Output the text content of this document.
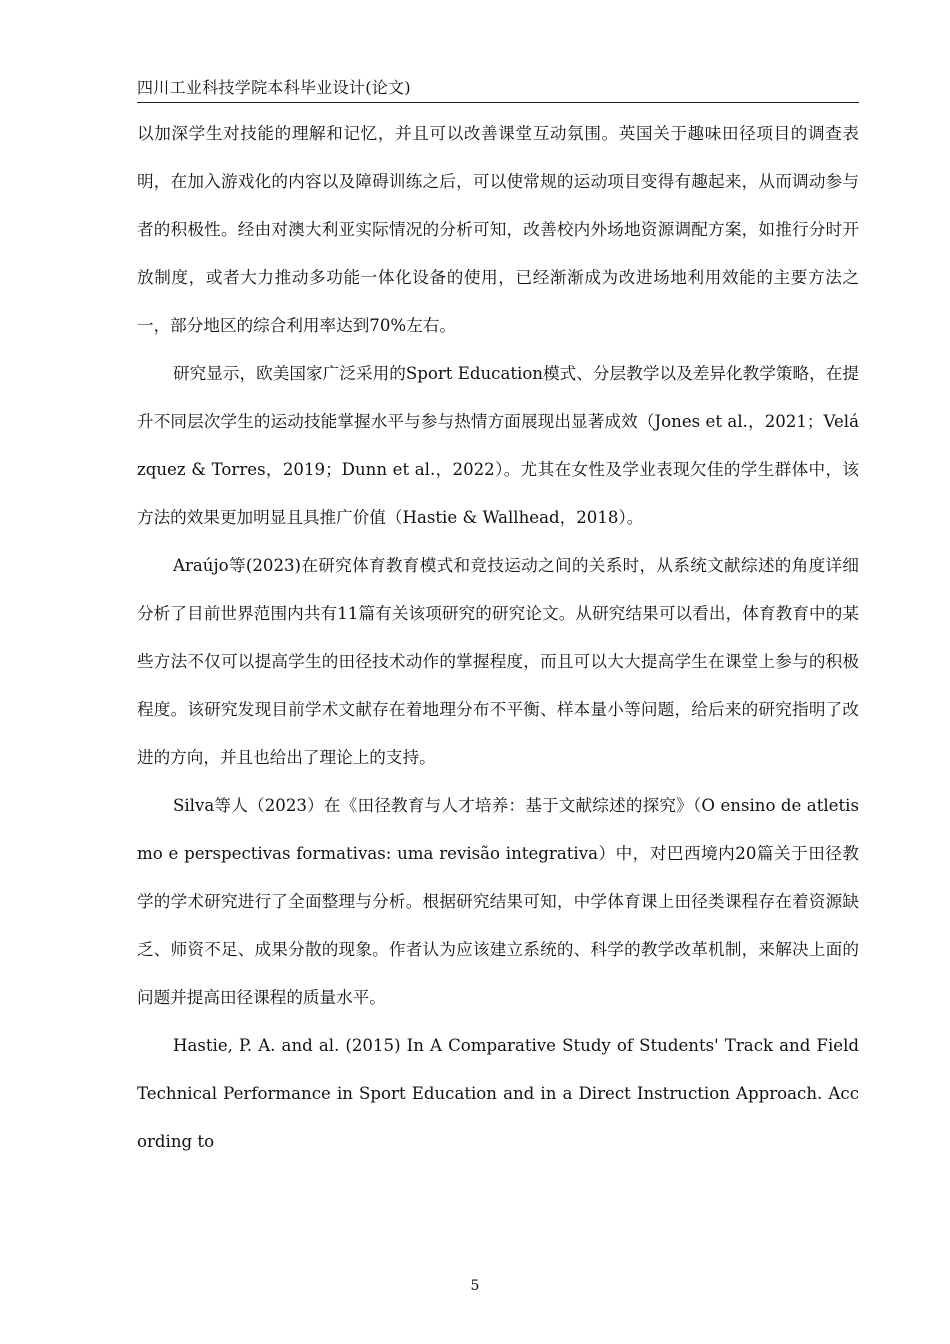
四川工业科技学院本科毕业设计(论文)

以加深学生对技能的理解和记忆，并且可以改善课堂互动氛围。英国关于趣味田径项目的调查表明，在加入游戏化的内容以及障碍训练之后，可以使常规的运动项目变得有趣起来，从而调动参与者的积极性。经由对澳大利亚实际情况的分析可知，改善校内外场地资源调配方案，如推行分时开放制度，或者大力推动多功能一体化设备的使用，已经渐渐成为改进场地利用效能的主要方法之一，部分地区的综合利用率达到70%左右。

研究显示，欧美国家广泛采用的Sport Education模式、分层教学以及差异化教学策略，在提升不同层次学生的运动技能掌握水平与参与热情方面展现出显著成效（Jones et al.，2021；Velázquez & Torres，2019；Dunn et al.，2022）。尤其在女性及学业表现欠佳的学生群体中，该方法的效果更加明显且具推广价值（Hastie & Wallhead，2018）。

Araújo等(2023)在研究体育教育模式和竞技运动之间的关系时，从系统文献综述的角度详细分析了目前世界范围内共有11篇有关该项研究的研究论文。从研究结果可以看出，体育教育中的某些方法不仅可以提高学生的田径技术动作的掌握程度，而且可以大大提高学生在课堂上参与的积极程度。该研究发现目前学术文献存在着地理分布不平衡、样本量小等问题，给后来的研究指明了改进的方向，并且也给出了理论上的支持。

Silva等人（2023）在《田径教育与人才培养：基于文献综述的探究》（O ensino de atletismo e perspectivas formativas: uma revisão integrativa）中，对巴西境内20篇关于田径教学的学术研究进行了全面整理与分析。根据研究结果可知，中学体育课上田径类课程存在着资源缺乏、师资不足、成果分散的现象。作者认为应该建立系统的、科学的教学改革机制，来解决上面的问题并提高田径课程的质量水平。

Hastie, P. A. and al. (2015) In A Comparative Study of Students' Track and Field Technical Performance in Sport Education and in a Direct Instruction Approach. According to

5
